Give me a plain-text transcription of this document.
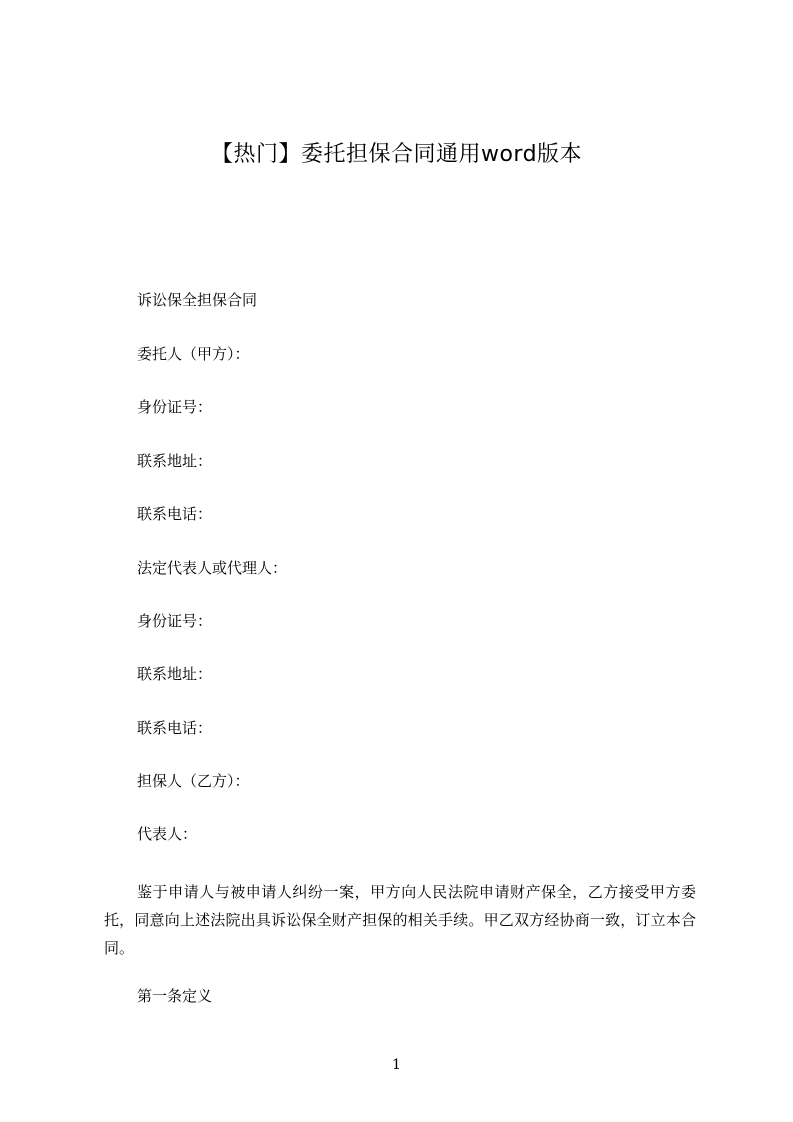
【热门】委托担保合同通用word版本
诉讼保全担保合同
委托人（甲方）：
身份证号：
联系地址：
联系电话：
法定代表人或代理人：
身份证号：
联系地址：
联系电话：
担保人（乙方）：
代表人：
鉴于申请人与被申请人纠纷一案，甲方向人民法院申请财产保全，乙方接受甲方委托，同意向上述法院出具诉讼保全财产担保的相关手续。甲乙双方经协商一致，订立本合同。
第一条定义
1
